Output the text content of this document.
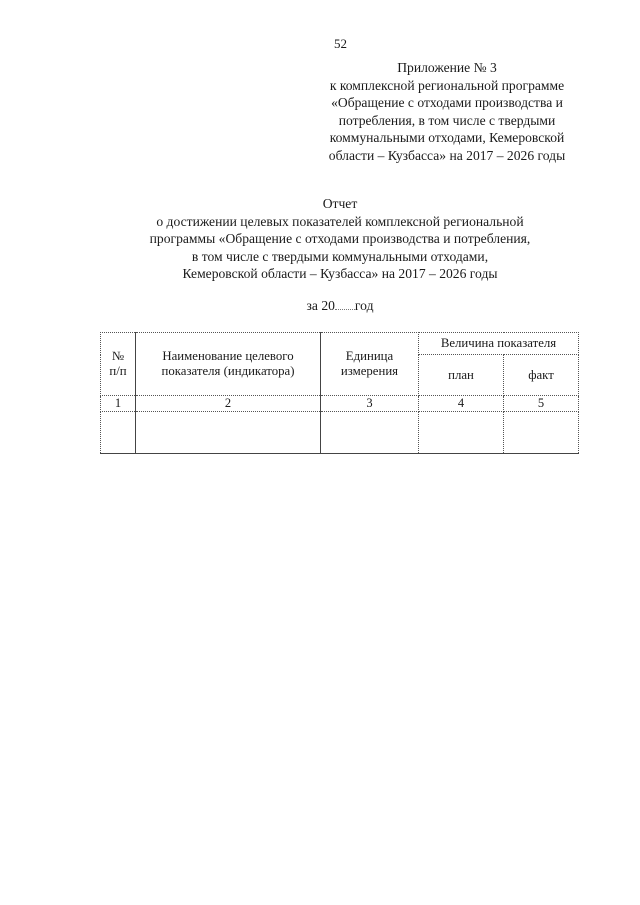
52
Приложение № 3
к комплексной региональной программе
«Обращение с отходами производства и
потребления, в том числе с твердыми
коммунальными отходами, Кемеровской
области – Кузбасса» на 2017 – 2026 годы
Отчет
о достижении целевых показателей комплексной региональной
программы «Обращение с отходами производства и потребления,
в том числе с твердыми коммунальными отходами,
Кемеровской области – Кузбасса» на 2017 – 2026 годы
за 20 год
№ п/п	Наименование целевого показателя (индикатора)	Единица измерения	Величина показателя	
			план	факт
1	2	3	4	5
